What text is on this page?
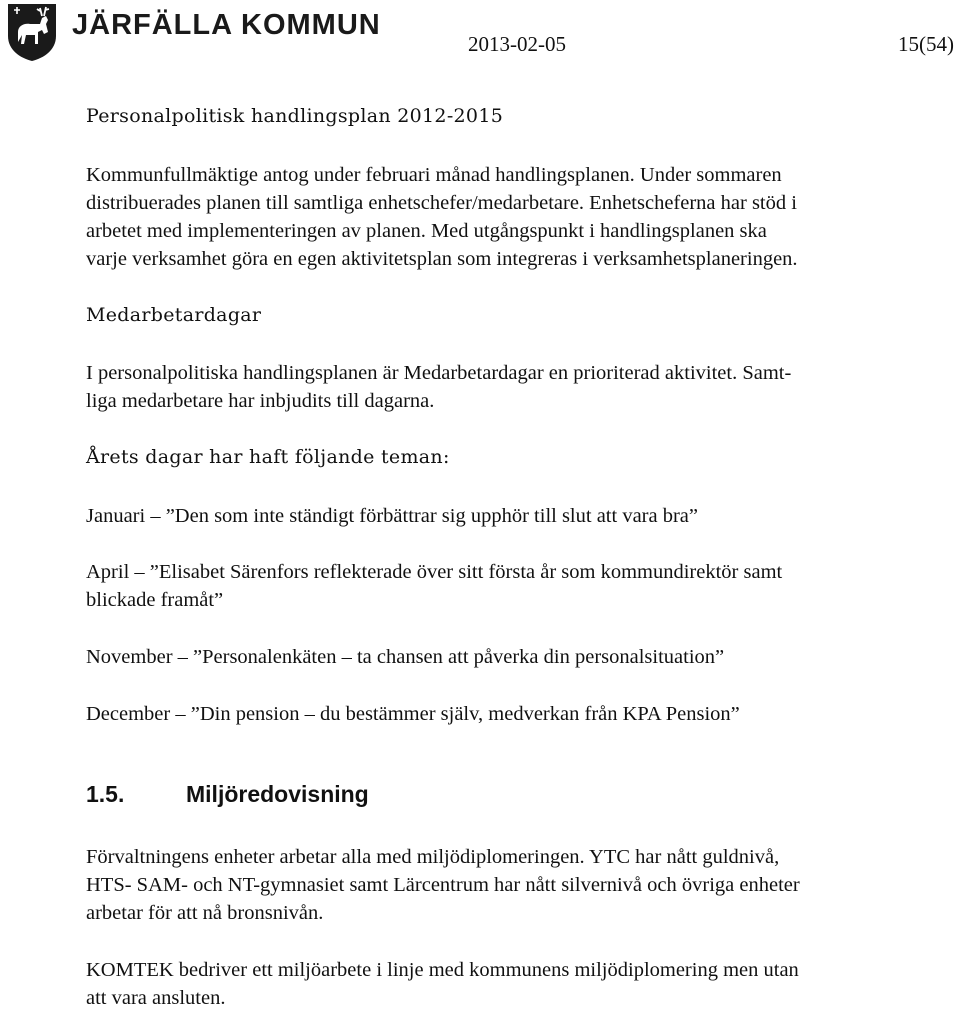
JÄRFÄLLA KOMMUN
2013-02-05	15(54)
Personalpolitisk handlingsplan 2012-2015
Kommunfullmäktige antog under februari månad handlingsplanen. Under sommaren
distribuerades planen till samtliga enhetschefer/medarbetare. Enhetscheferna har stöd i
arbetet med implementeringen av planen. Med utgångspunkt i handlingsplanen ska
varje verksamhet göra en egen aktivitetsplan som integreras i verksamhetsplaneringen.
Medarbetardagar
I personalpolitiska handlingsplanen är Medarbetardagar en prioriterad aktivitet. Samt-
liga medarbetare har inbjudits till dagarna.
Årets dagar har haft följande teman:
Januari – ”Den som inte ständigt förbättrar sig upphör till slut att vara bra”
April – ”Elisabet Särenfors reflekterade över sitt första år som kommundirektör samt
blickade framåt”
November – ”Personalenkäten – ta chansen att påverka din personalsituation”
December – ”Din pension – du bestämmer själv, medverkan från KPA Pension”
1.5.	Miljöredovisning
Förvaltningens enheter arbetar alla med miljödiplomeringen. YTC har nått guldnivå,
HTS- SAM- och NT-gymnasiet samt Lärcentrum har nått silvernivå och övriga enheter
arbetar för att nå bronsnivån.
KOMTEK bedriver ett miljöarbete i linje med kommunens miljödiplomering men utan
att vara ansluten.
